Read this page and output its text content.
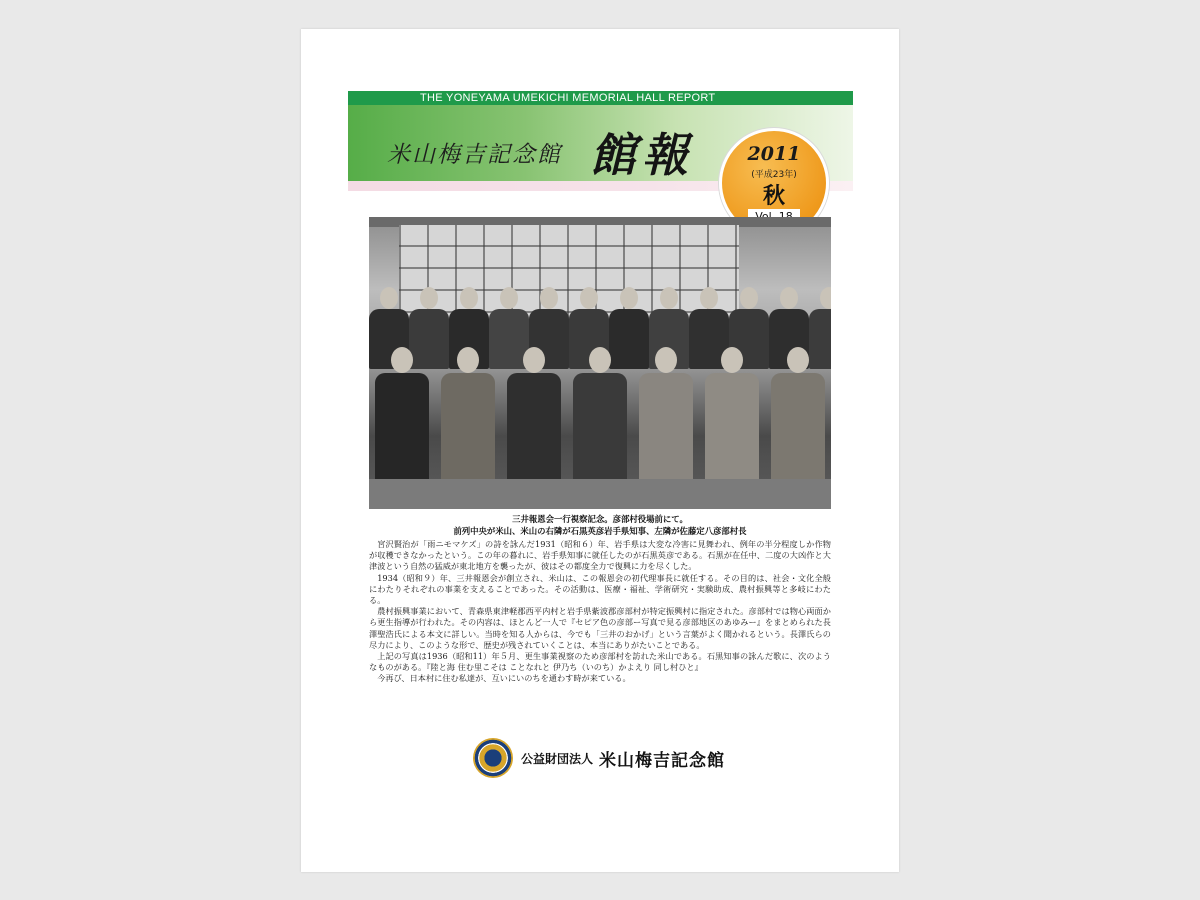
THE YONEYAMA UMEKICHI MEMORIAL HALL REPORT
米山梅吉記念館 館報	2011
(平成23年)
秋
三井報恩会一行視察記念。彦部村役場前にて。
前列中央が米山、米山の右隣が石黒英彦岩手県知事、左隣が佐藤定八彦部村長

宮沢賢治が「雨ニモマケズ」の詩を詠んだ1931（昭和６）年、岩手県は大変な冷害に見舞われ、例年の半分程度しか作物が収穫できなかったという。この年の暮れに、岩手県知事に就任したのが石黒英彦である。石黒が在任中、二度の大凶作と大津波という自然の猛威が東北地方を襲ったが、彼はその都度全力で復興に力を尽くした。

1934（昭和９）年、三井報恩会が創立され、米山は、この報恩会の初代理事長に就任する。その目的は、社会・文化全般にわたりそれぞれの事業を支えることであった。その活動は、医療・福祉、学術研究・実験助成、農村振興等と多岐にわたる。

農村振興事業において、青森県東津軽郡西平内村と岩手県紫波郡彦部村が特定振興村に指定された。彦部村では物心両面から更生指導が行われた。その内容は、ほとんど一人で『セピア色の彦部ー写真で見る彦部地区のあゆみー』をまとめられた長澤聖浩氏による本文に詳しい。当時を知る人からは、今でも「三井のおかげ」という言葉がよく聞かれるという。長澤氏らの尽力により、このような形で、歴史が残されていくことは、本当にありがたいことである。

上記の写真は1936（昭和11）年５月、更生事業視察のため彦部村を訪れた米山である。石黒知事の詠んだ歌に、次のようなものがある。『陸と海 住む里こそは ことなれと 伊乃ち（いのち）かよえり 同し村ひと』

今再び、日本村に住む私達が、互いにいのちを通わす時が来ている。

公益財団法人 米山梅吉記念館
